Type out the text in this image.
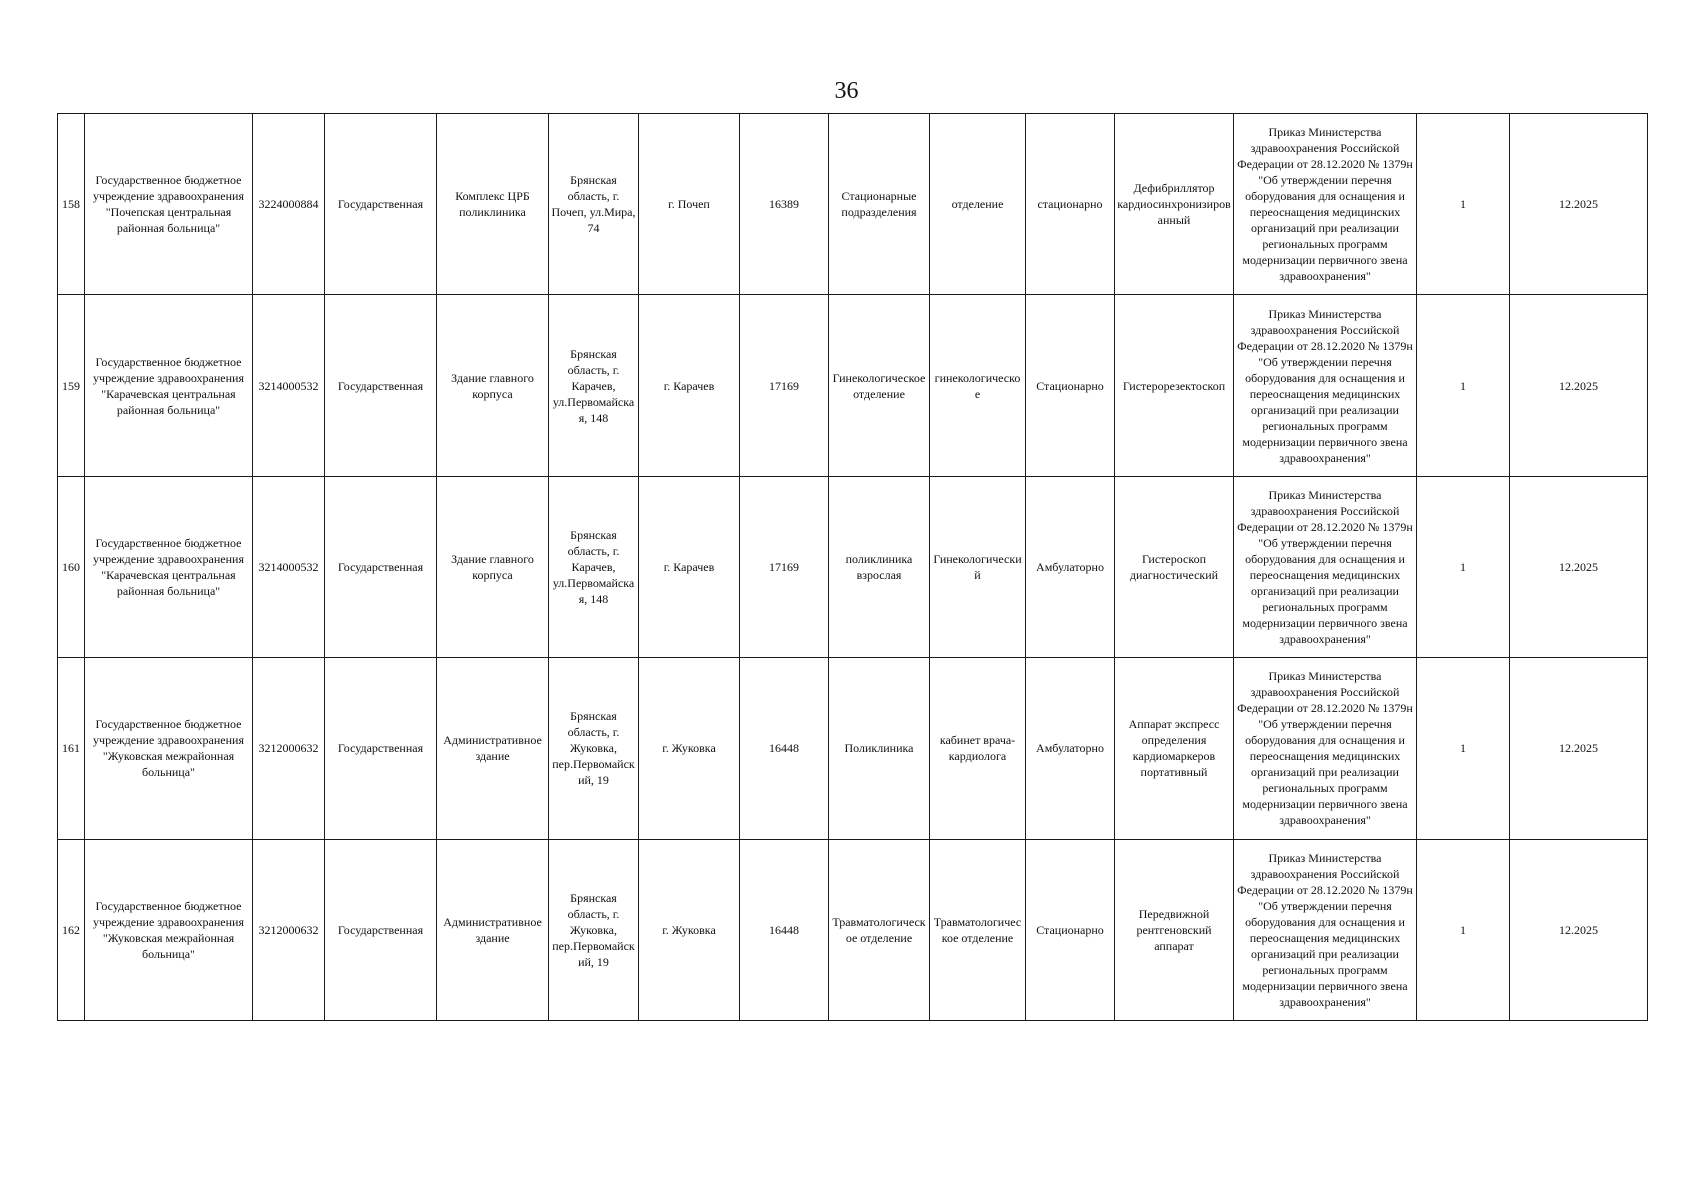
36
158	Государственное бюджетное учреждение здравоохранения "Почепская центральная районная больница"	3224000884	Государственная	Комплекс ЦРБ поликлиника	Брянская область, г. Почеп, ул.Мира, 74	г. Почеп	16389	Стационарные подразделения	отделение	стационарно	Дефибриллятор кардиосинхронизированный	Приказ Министерства здравоохранения Российской Федерации от 28.12.2020 № 1379н "Об утверждении перечня оборудования для оснащения и переоснащения медицинских организаций при реализации региональных программ модернизации первичного звена здравоохранения"	1	12.2025
159	Государственное бюджетное учреждение здравоохранения "Карачевская центральная районная больница"	3214000532	Государственная	Здание главного корпуса	Брянская область, г. Карачев, ул.Первомайская, 148	г. Карачев	17169	Гинекологическое отделение	гинекологическое	Стационарно	Гистерорезектоскоп	Приказ Министерства здравоохранения Российской Федерации от 28.12.2020 № 1379н "Об утверждении перечня оборудования для оснащения и переоснащения медицинских организаций при реализации региональных программ модернизации первичного звена здравоохранения"	1	12.2025
160	Государственное бюджетное учреждение здравоохранения "Карачевская центральная районная больница"	3214000532	Государственная	Здание главного корпуса	Брянская область, г. Карачев, ул.Первомайская, 148	г. Карачев	17169	поликлиника взрослая	Гинекологический	Амбулаторно	Гистероскоп диагностический	Приказ Министерства здравоохранения Российской Федерации от 28.12.2020 № 1379н "Об утверждении перечня оборудования для оснащения и переоснащения медицинских организаций при реализации региональных программ модернизации первичного звена здравоохранения"	1	12.2025
161	Государственное бюджетное учреждение здравоохранения "Жуковская межрайонная больница"	3212000632	Государственная	Административное здание	Брянская область, г. Жуковка, пер.Первомайский, 19	г. Жуковка	16448	Поликлиника	кабинет врача-кардиолога	Амбулаторно	Аппарат экспресс определения кардиомаркеров портативный	Приказ Министерства здравоохранения Российской Федерации от 28.12.2020 № 1379н "Об утверждении перечня оборудования для оснащения и переоснащения медицинских организаций при реализации региональных программ модернизации первичного звена здравоохранения"	1	12.2025
162	Государственное бюджетное учреждение здравоохранения "Жуковская межрайонная больница"	3212000632	Государственная	Административное здание	Брянская область, г. Жуковка, пер.Первомайский, 19	г. Жуковка	16448	Травматологическое отделение	Травматологическое отделение	Стационарно	Передвижной рентгеновский аппарат	Приказ Министерства здравоохранения Российской Федерации от 28.12.2020 № 1379н "Об утверждении перечня оборудования для оснащения и переоснащения медицинских организаций при реализации региональных программ модернизации первичного звена здравоохранения"	1	12.2025
